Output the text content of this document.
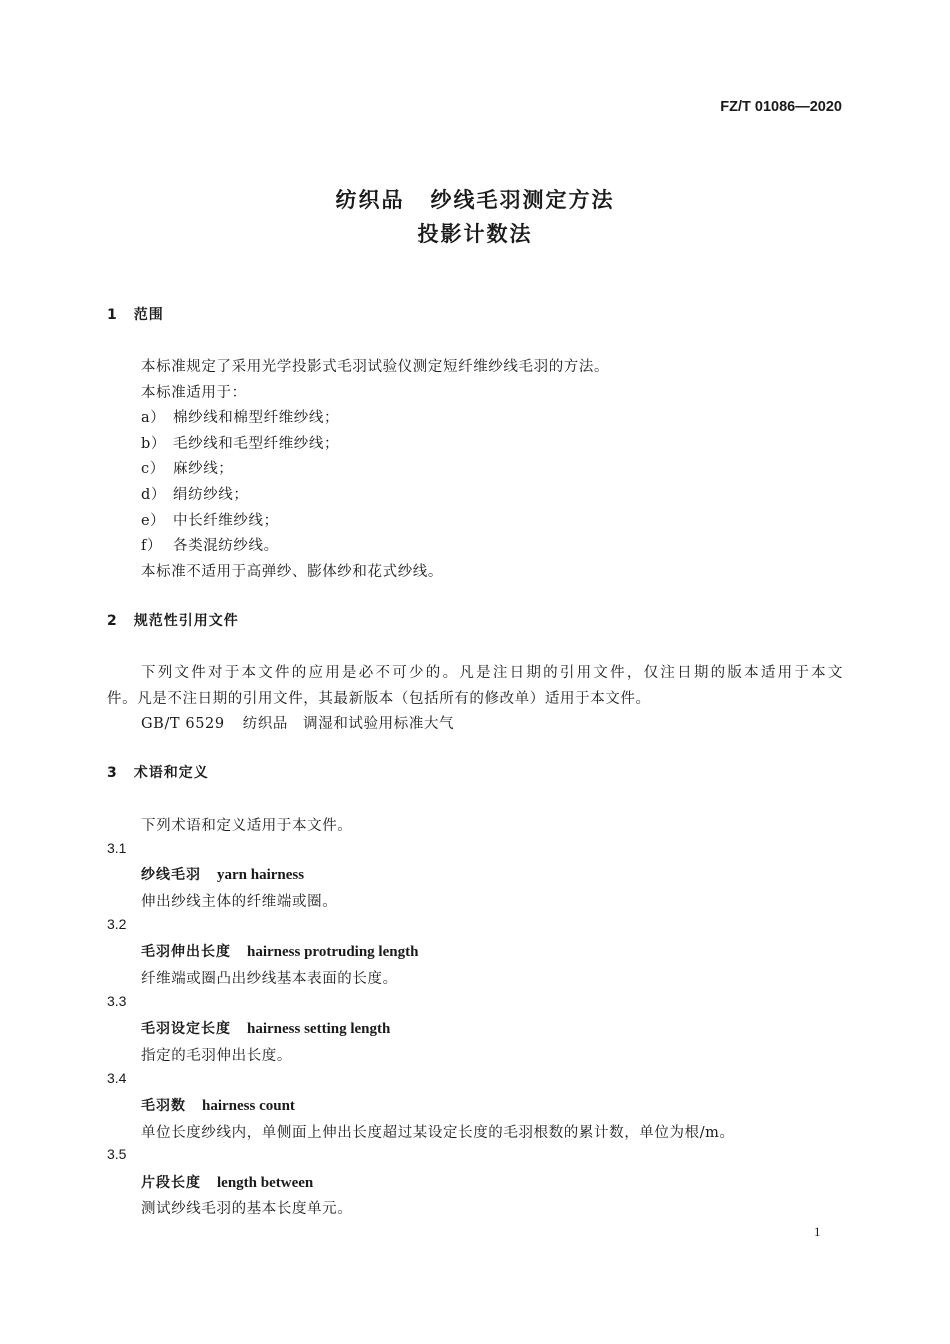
FZ/T 01086—2020
纺织品 纱线毛羽测定方法
投影计数法
1 范围
本标准规定了采用光学投影式毛羽试验仪测定短纤维纱线毛羽的方法。
本标准适用于：
a） 棉纱线和棉型纤维纱线；
b） 毛纱线和毛型纤维纱线；
c） 麻纱线；
d） 绢纺纱线；
e） 中长纤维纱线；
f） 各类混纺纱线。
本标准不适用于高弹纱、膨体纱和花式纱线。
2 规范性引用文件
下列文件对于本文件的应用是必不可少的。凡是注日期的引用文件，仅注日期的版本适用于本文
件。凡是不注日期的引用文件，其最新版本（包括所有的修改单）适用于本文件。
GB/T 6529 纺织品　调湿和试验用标准大气
3 术语和定义
下列术语和定义适用于本文件。
3.1
纱线毛羽 yarn hairness
伸出纱线主体的纤维端或圈。
3.2
毛羽伸出长度 hairness protruding length
纤维端或圈凸出纱线基本表面的长度。
3.3
毛羽设定长度 hairness setting length
指定的毛羽伸出长度。
3.4
毛羽数 hairness count
单位长度纱线内，单侧面上伸出长度超过某设定长度的毛羽根数的累计数，单位为根/m。
3.5
片段长度 length between
测试纱线毛羽的基本长度单元。
1
